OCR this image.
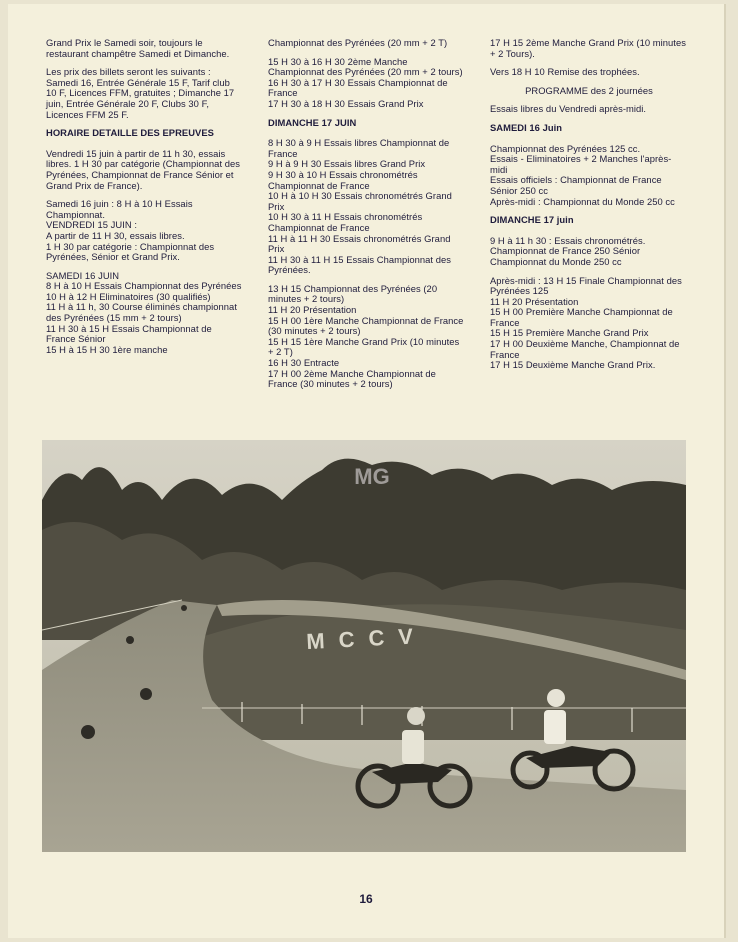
Grand Prix le Samedi soir, toujours le restaurant champêtre Samedi et Dimanche.

Les prix des billets seront les suivants : Samedi 16, Entrée Générale 15 F, Tarif club 10 F, Licences FFM, gratuites ; Dimanche 17 juin, Entrée Générale 20 F, Clubs 30 F, Licences FFM 25 F.

HORAIRE DETAILLE DES EPREUVES

Vendredi 15 juin à partir de 11 h 30, essais libres. 1 H 30 par catégorie (Championnat des Pyrénées, Championnat de France Sénior et Grand Prix de France).

Samedi 16 juin : 8 H à 10 H Essais Championnat.

VENDREDI 15 JUIN :

A partir de 11 H 30, essais libres.

1 H 30 par catégorie : Championnat des Pyrénées, Sénior et Grand Prix.

SAMEDI 16 JUIN

8 H à 10 H Essais Championnat des Pyrénées

10 H à 12 H Eliminatoires (30 qualifiés)

11 H à 11 h, 30 Course éliminés championnat des Pyrénées (15 mm + 2 tours)

11 H 30 à 15 H Essais Championnat de France Sénior

15 H à 15 H 30 1ère manche

Championnat des Pyrénées (20 mm + 2 T)

15 H 30 à 16 H 30 2ème Manche Championnat des Pyrénées (20 mm + 2 tours)

16 H 30 à 17 H 30 Essais Championnat de France

17 H 30 à 18 H 30 Essais Grand Prix

DIMANCHE 17 JUIN

8 H 30 à 9 H Essais libres Championnat de France

9 H à 9 H 30 Essais libres Grand Prix

9 H 30 à 10 H Essais chronométrés Championnat de France

10 H à 10 H 30 Essais chronométrés Grand Prix

10 H 30 à 11 H Essais chronométrés Championnat de France

11 H à 11 H 30 Essais chronométrés Grand Prix

11 H 30 à 11 H 15 Essais Championnat des Pyrénées.

13 H 15 Championnat des Pyrénées (20 minutes + 2 tours)

11 H 20 Présentation

15 H 00 1ère Manche Championnat de France (30 minutes + 2 tours)

15 H 15 1ère Manche Grand Prix (10 minutes + 2 T)

16 H 30 Entracte

17 H 00 2ème Manche Championnat de France (30 minutes + 2 tours)

17 H 15 2ème Manche Grand Prix (10 minutes + 2 Tours).

Vers 18 H 10 Remise des trophées.

PROGRAMME des 2 journées

Essais libres du Vendredi après-midi.

SAMEDI 16 Juin

Championnat des Pyrénées 125 cc.

Essais - Eliminatoires + 2 Manches l'après-midi

Essais officiels : Championnat de France Sénior 250 cc

Après-midi : Championnat du Monde 250 cc

DIMANCHE 17 juin

9 H à 11 h 30 : Essais chronométrés.

Championnat de France 250 Sénior

Championnat du Monde 250 cc

Après-midi : 13 H 15 Finale Championnat des Pyrénées 125

11 H 20 Présentation

15 H 00 Première Manche Championnat de France

15 H 15 Première Manche Grand Prix

17 H 00 Deuxième Manche, Championnat de France

17 H 15 Deuxième Manche Grand Prix.

MCCV
MG
16
